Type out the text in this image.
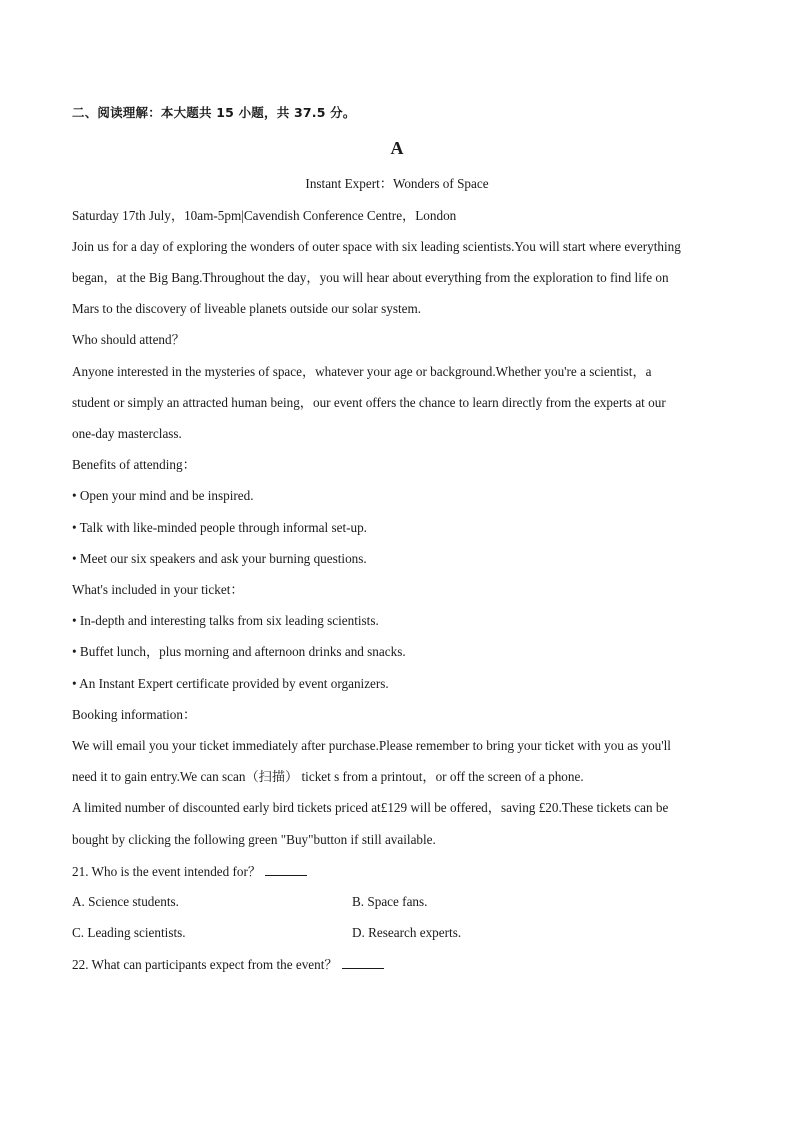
二、阅读理解：本大题共 15 小题，共 37.5 分。
A
Instant Expert：Wonders of Space
Saturday 17th July，10am-5pm|Cavendish Conference Centre，London
Join us for a day of exploring the wonders of outer space with six leading scientists.You will start where everything
began，at the Big Bang.Throughout the day，you will hear about everything from the exploration to find life on
Mars to the discovery of liveable planets outside our solar system.
Who should attend？
Anyone interested in the mysteries of space，whatever your age or background.Whether you're a scientist，a
student or simply an attracted human being，our event offers the chance to learn directly from the experts at our
one-day masterclass.
Benefits of attending：
• Open your mind and be inspired.
• Talk with like-minded people through informal set-up.
• Meet our six speakers and ask your burning questions.
What's included in your ticket：
• In-depth and interesting talks from six leading scientists.
• Buffet lunch，plus morning and afternoon drinks and snacks.
• An Instant Expert certificate provided by event organizers.
Booking information：
We will email you your ticket immediately after purchase.Please remember to bring your ticket with you as you'll
need it to gain entry.We can scan（扫描） ticket s from a printout，or off the screen of a phone.
A limited number of discounted early bird tickets priced at£129 will be offered，saving £20.These tickets can be
bought by clicking the following green "Buy"button if still available.
21. Who is the event intended for？
A. Science students.	B. Space fans.
C. Leading scientists.	D. Research experts.
22. What can participants expect from the event？
